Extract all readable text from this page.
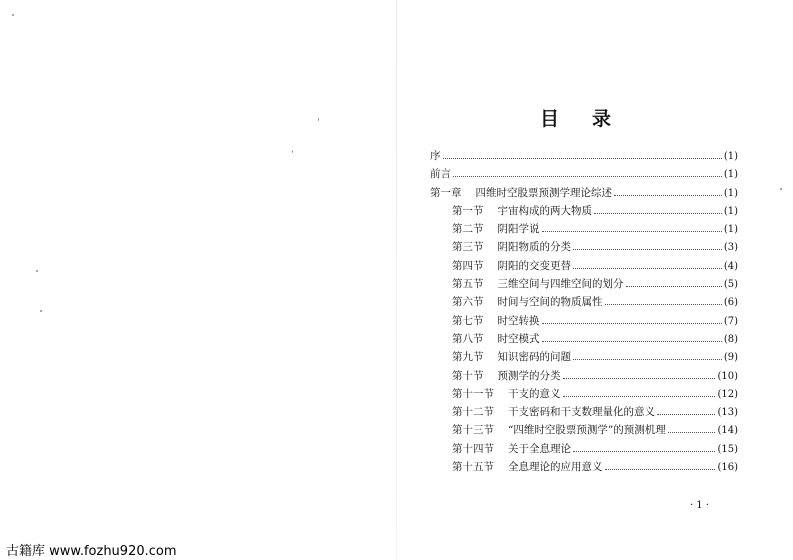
目 录
序	(1)
前言	(1)
第一章 四维时空股票预测学理论综述	(1)
第一节 宇宙构成的两大物质	(1)
第二节 阴阳学说	(1)
第三节 阴阳物质的分类	(3)
第四节 阴阳的交变更替	(4)
第五节 三维空间与四维空间的划分	(5)
第六节 时间与空间的物质属性	(6)
第七节 时空转换	(7)
第八节 时空模式	(8)
第九节 知识密码的问题	(9)
第十节 预测学的分类	(10)
第十一节 干支的意义	(12)
第十二节 干支密码和干支数理量化的意义	(13)
第十三节 “四维时空股票预测学”的预测机理	(14)
第十四节 关于全息理论	(15)
第十五节 全息理论的应用意义	(16)
· 1 ·
古籍库 www.fozhu920.com
